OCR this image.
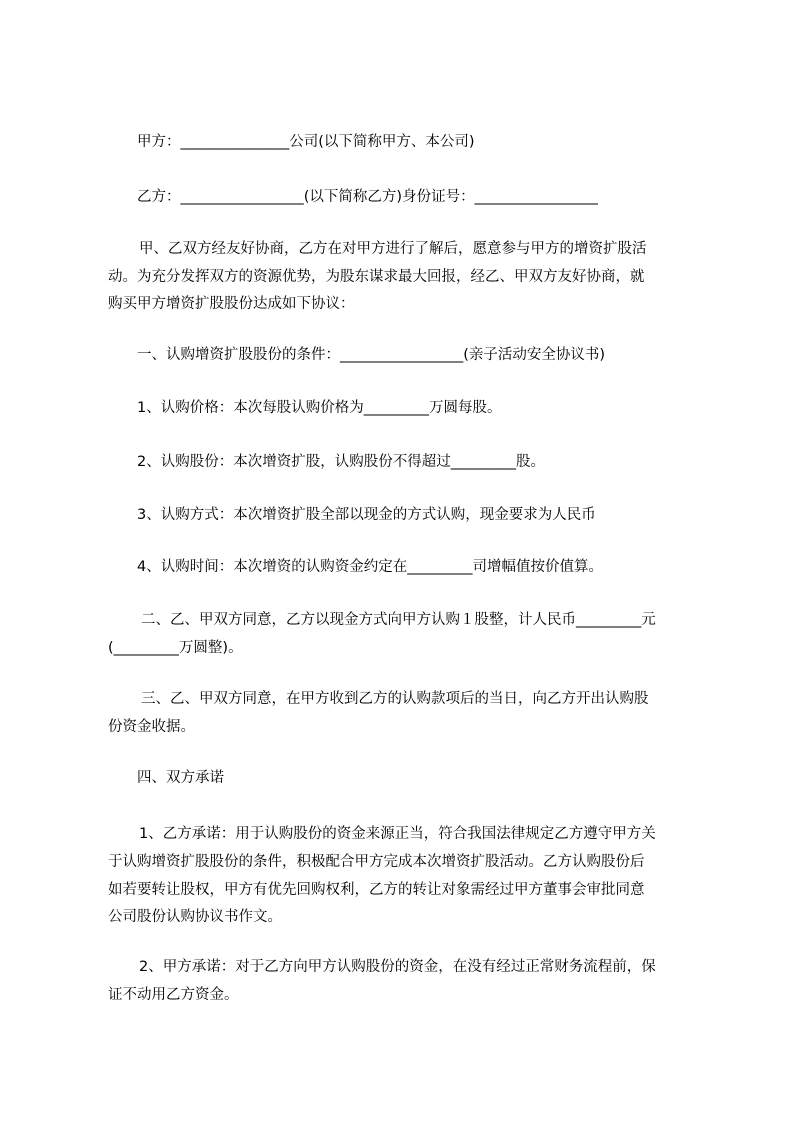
甲方：_______________公司(以下简称甲方、本公司)

乙方：_________________(以下简称乙方)身份证号：_________________

甲、乙双方经友好协商，乙方在对甲方进行了解后，愿意参与甲方的增资扩股活

动。为充分发挥双方的资源优势，为股东谋求最大回报，经乙、甲双方友好协商，就

购买甲方增资扩股股份达成如下协议：

一、认购增资扩股股份的条件：_________________(亲子活动安全协议书)

1、认购价格：本次每股认购价格为_________万圆每股。

2、认购股份：本次增资扩股，认购股份不得超过_________股。

3、认购方式：本次增资扩股全部以现金的方式认购，现金要求为人民币

4、认购时间：本次增资的认购资金约定在_________司增幅值按价值算。

二、乙、甲双方同意，乙方以现金方式向甲方认购１股整，计人民币_________元

(_________万圆整)。

三、乙、甲双方同意，在甲方收到乙方的认购款项后的当日，向乙方开出认购股

份资金收据。

四、双方承诺

1、乙方承诺：用于认购股份的资金来源正当，符合我国法律规定乙方遵守甲方关

于认购增资扩股股份的条件，积极配合甲方完成本次增资扩股活动。乙方认购股份后

如若要转让股权，甲方有优先回购权利，乙方的转让对象需经过甲方董事会审批同意

公司股份认购协议书作文。

2、甲方承诺：对于乙方向甲方认购股份的资金，在没有经过正常财务流程前，保

证不动用乙方资金。
